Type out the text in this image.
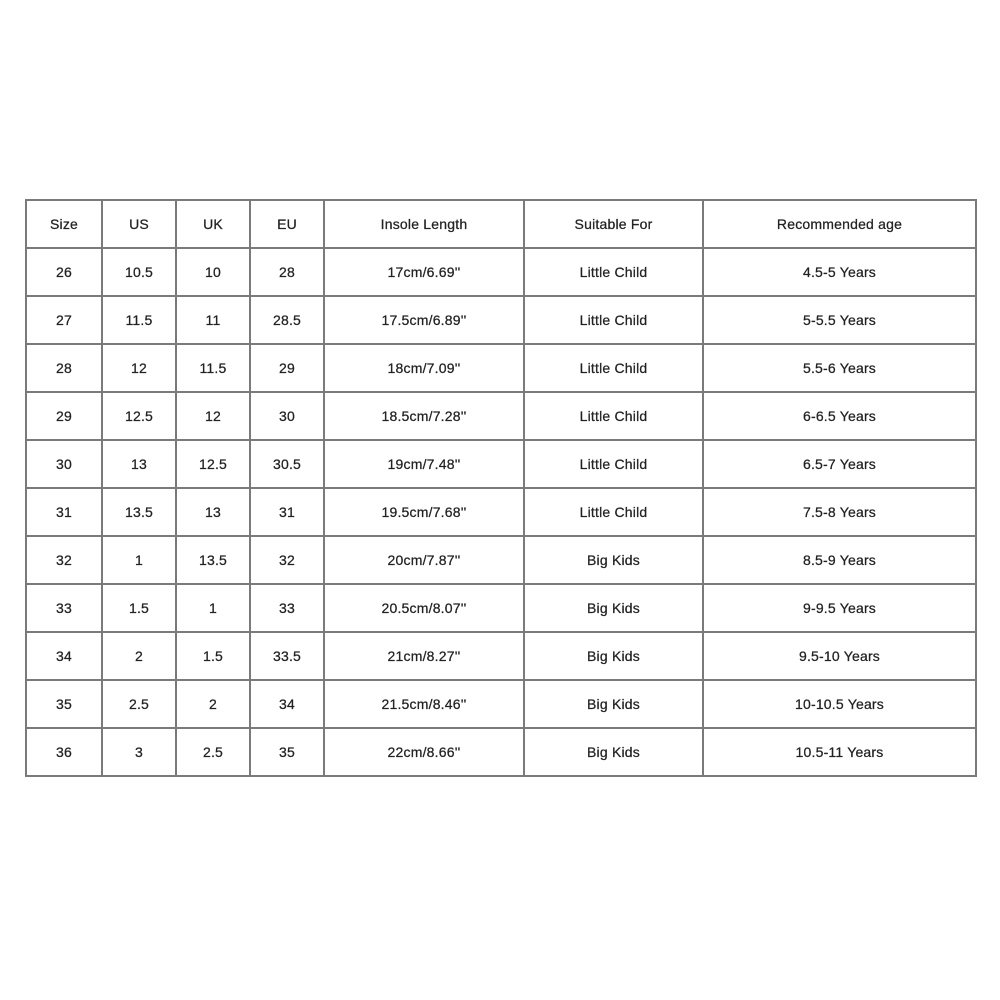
Size	US	UK	EU	Insole Length	Suitable For	Recommended age
26	10.5	10	28	17cm/6.69''	Little Child	4.5-5 Years
27	11.5	11	28.5	17.5cm/6.89''	Little Child	5-5.5 Years
28	12	11.5	29	18cm/7.09''	Little Child	5.5-6 Years
29	12.5	12	30	18.5cm/7.28''	Little Child	6-6.5 Years
30	13	12.5	30.5	19cm/7.48''	Little Child	6.5-7 Years
31	13.5	13	31	19.5cm/7.68''	Little Child	7.5-8 Years
32	1	13.5	32	20cm/7.87''	Big Kids	8.5-9 Years
33	1.5	1	33	20.5cm/8.07''	Big Kids	9-9.5 Years
34	2	1.5	33.5	21cm/8.27''	Big Kids	9.5-10 Years
35	2.5	2	34	21.5cm/8.46''	Big Kids	10-10.5 Years
36	3	2.5	35	22cm/8.66''	Big Kids	10.5-11 Years
